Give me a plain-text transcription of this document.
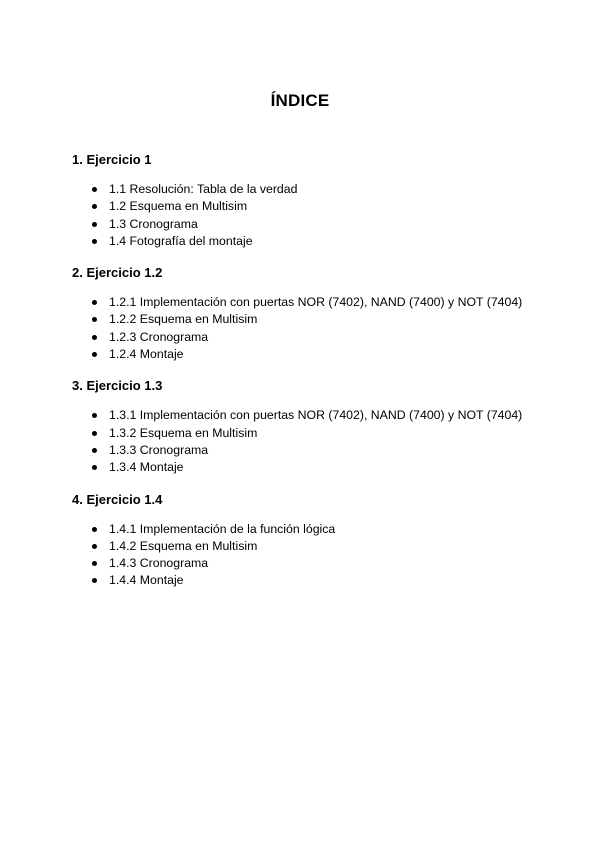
ÍNDICE
1. Ejercicio 1
1.1 Resolución: Tabla de la verdad
1.2 Esquema en Multisim
1.3 Cronograma
1.4 Fotografía del montaje
2. Ejercicio 1.2
1.2.1 Implementación con puertas NOR (7402), NAND (7400) y NOT (7404)
1.2.2 Esquema en Multisim
1.2.3 Cronograma
1.2.4 Montaje
3. Ejercicio 1.3
1.3.1 Implementación con puertas NOR (7402), NAND (7400) y NOT (7404)
1.3.2 Esquema en Multisim
1.3.3 Cronograma
1.3.4 Montaje
4. Ejercicio 1.4
1.4.1 Implementación de la función lógica
1.4.2 Esquema en Multisim
1.4.3 Cronograma
1.4.4 Montaje
